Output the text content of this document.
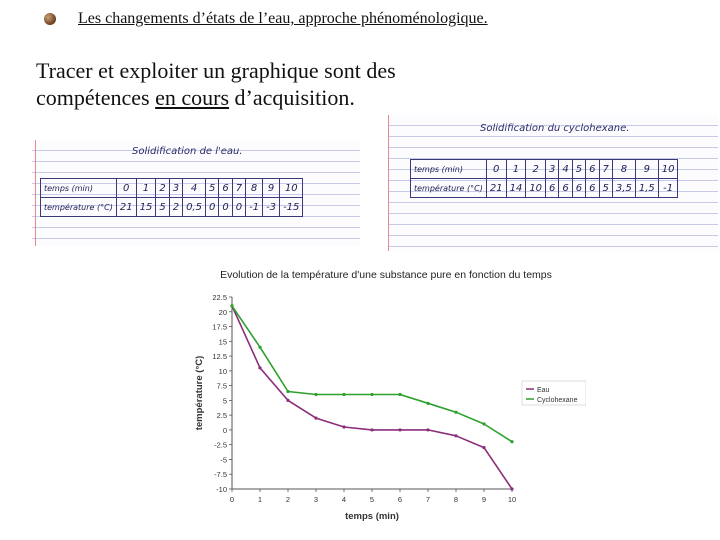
Les changements d’états de l’eau, approche phénoménologique.
Tracer et exploiter un graphique sont des
compétences en cours d’acquisition.
Solidification de l'eau.
temps (min)	0	1	2	3	4	5	6	7	8	9	10
température (°C)	21	15	5	2	0,5	0	0	0	-1	-3	-15
Solidification du cyclohexane.
temps (min)	0	1	2	3	4	5	6	7	8	9	10
température (°C)	21	14	10	6	6	6	6	5	3,5	1,5	-1
Evolution de la température d'une substance pure en fonction du temps
22.5
20
17.5
15
12.5
10
7.5
5
2.5
0
-2.5
-5
-7.5
-10
0	1	2	3	4	5	6	7	8	9	10
température (°C)
temps (min)
Eau
Cyclohexane
